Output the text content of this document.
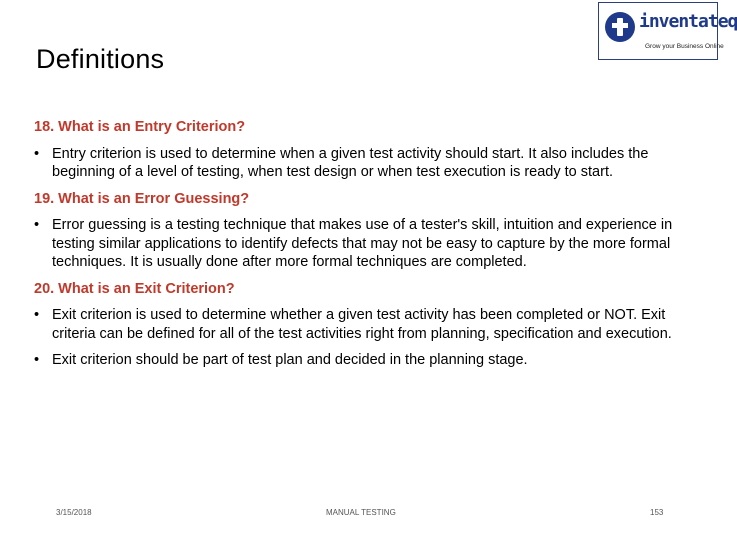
Definitions
inventateq
Grow your Business Online
18. What is an Entry Criterion?
• Entry criterion is used to determine when a given test activity should start. It also includes the beginning of a level of testing, when test design or when test execution is ready to start.
19. What is an Error Guessing?
• Error guessing is a testing technique that makes use of a tester's skill, intuition and experience in testing similar applications to identify defects that may not be easy to capture by the more formal techniques. It is usually done after more formal techniques are completed.
20. What is an Exit Criterion?
• Exit criterion is used to determine whether a given test activity has been completed or NOT. Exit criteria can be defined for all of the test activities right from planning, specification and execution.
• Exit criterion should be part of test plan and decided in the planning stage.
3/15/2018	MANUAL TESTING	153
